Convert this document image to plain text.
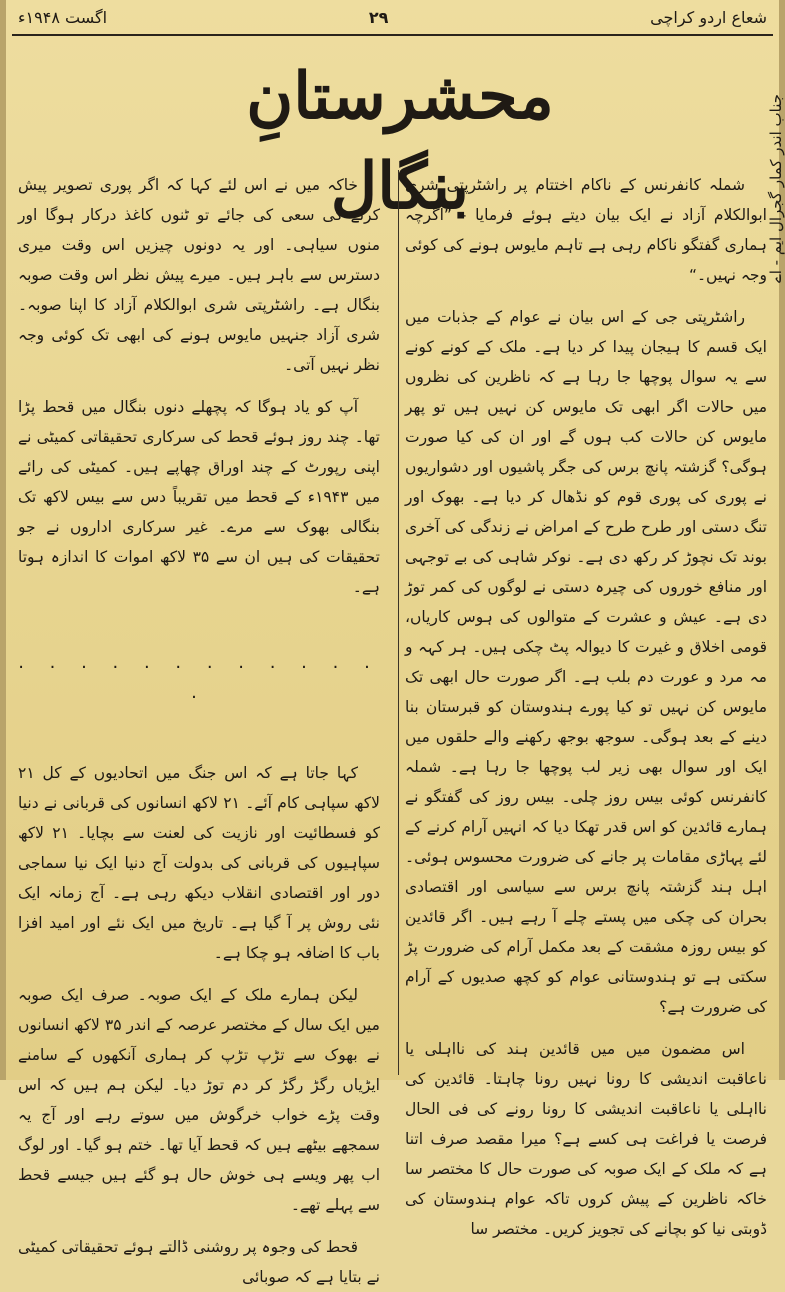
اگست ۱۹۴۸ء	۲۹	شعاع اردو کراچی
محشرستانِ بنگال	جناب اندر کمار گجرال ایم - اے

شملہ کانفرنس کے ناکام اختتام پر راشٹرپتی شری ابوالکلام آزاد نے ایک بیان دیتے ہوئے فرمایا - ”اگرچہ ہماری گفتگو ناکام رہی ہے تاہم مایوس ہونے کی کوئی وجہ نہیں۔“

راشٹرپتی جی کے اس بیان نے عوام کے جذبات میں ایک قسم کا ہیجان پیدا کر دیا ہے۔ ملک کے کونے کونے سے یہ سوال پوچھا جا رہا ہے کہ ناظرین کی نظروں میں حالات اگر ابھی تک مایوس کن نہیں ہیں تو پھر مایوس کن حالات کب ہوں گے اور ان کی کیا صورت ہوگی؟ گزشتہ پانچ برس کی جگر پاشیوں اور دشواریوں نے پوری کی پوری قوم کو نڈھال کر دیا ہے۔ بھوک اور تنگ دستی اور طرح طرح کے امراض نے زندگی کی آخری بوند تک نچوڑ کر رکھ دی ہے۔ نوکر شاہی کی بے توجہی اور منافع خوروں کی چیرہ دستی نے لوگوں کی کمر توڑ دی ہے۔ عیش و عشرت کے متوالوں کی ہوس کاریاں، قومی اخلاق و غیرت کا دیوالہ پٹ چکی ہیں۔ ہر کہہ و مہ مرد و عورت دم بلب ہے۔ اگر صورت حال ابھی تک مایوس کن نہیں تو کیا پورے ہندوستان کو قبرستان بنا دینے کے بعد ہوگی۔ سوجھ بوجھ رکھنے والے حلقوں میں ایک اور سوال بھی زیر لب پوچھا جا رہا ہے۔ شملہ کانفرنس کوئی بیس روز چلی۔ بیس روز کی گفتگو نے ہمارے قائدین کو اس قدر تھکا دیا کہ انہیں آرام کرنے کے لئے پہاڑی مقامات پر جانے کی ضرورت محسوس ہوئی۔ اہل ہند گزشتہ پانچ برس سے سیاسی اور اقتصادی بحران کی چکی میں پستے چلے آ رہے ہیں۔ اگر قائدین کو بیس روزہ مشقت کے بعد مکمل آرام کی ضرورت پڑ سکتی ہے تو ہندوستانی عوام کو کچھ صدیوں کے آرام کی ضرورت ہے؟

اس مضمون میں میں قائدین ہند کی نااہلی یا ناعاقبت اندیشی کا رونا نہیں رونا چاہتا۔ قائدین کی نااہلی یا ناعاقبت اندیشی کا رونا رونے کی فی الحال فرصت یا فراغت ہی کسے ہے؟ میرا مقصد صرف اتنا ہے کہ ملک کے ایک صوبہ کی صورت حال کا مختصر سا خاکہ ناظرین کے پیش کروں تاکہ عوام ہندوستان کی ڈوبتی نیا کو بچانے کی تجویز کریں۔ مختصر سا

خاکہ میں نے اس لئے کہا کہ اگر پوری تصویر پیش کرنے کی سعی کی جائے تو ٹنوں کاغذ درکار ہوگا اور منوں سیاہی۔ اور یہ دونوں چیزیں اس وقت میری دسترس سے باہر ہیں۔ میرے پیش نظر اس وقت صوبہ بنگال ہے۔ راشٹرپتی شری ابوالکلام آزاد کا اپنا صوبہ۔ شری آزاد جنہیں مایوس ہونے کی ابھی تک کوئی وجہ نظر نہیں آتی۔

آپ کو یاد ہوگا کہ پچھلے دنوں بنگال میں قحط پڑا تھا۔ چند روز ہوئے قحط کی سرکاری تحقیقاتی کمیٹی نے اپنی رپورٹ کے چند اوراق چھاپے ہیں۔ کمیٹی کی رائے میں ۱۹۴۳ء کے قحط میں تقریباً دس سے بیس لاکھ تک بنگالی بھوک سے مرے۔ غیر سرکاری اداروں نے جو تحقیقات کی ہیں ان سے ۳۵ لاکھ اموات کا اندازہ ہوتا ہے۔

. . . . . . . . . . . . .

کہا جاتا ہے کہ اس جنگ میں اتحادیوں کے کل ۲۱ لاکھ سپاہی کام آئے۔ ۲۱ لاکھ انسانوں کی قربانی نے دنیا کو فسطائیت اور نازیت کی لعنت سے بچایا۔ ۲۱ لاکھ سپاہیوں کی قربانی کی بدولت آج دنیا ایک نیا سماجی دور اور اقتصادی انقلاب دیکھ رہی ہے۔ آج زمانہ ایک نئی روش پر آ گیا ہے۔ تاریخ میں ایک نئے اور امید افزا باب کا اضافہ ہو چکا ہے۔

لیکن ہمارے ملک کے ایک صوبہ۔ صرف ایک صوبہ میں ایک سال کے مختصر عرصہ کے اندر ۳۵ لاکھ انسانوں نے بھوک سے تڑپ تڑپ کر ہماری آنکھوں کے سامنے ایڑیاں رگڑ رگڑ کر دم توڑ دیا۔ لیکن ہم ہیں کہ اس وقت پڑے خواب خرگوش میں سوتے رہے اور آج یہ سمجھے بیٹھے ہیں کہ قحط آیا تھا۔ ختم ہو گیا۔ اور لوگ اب پھر ویسے ہی خوش حال ہو گئے ہیں جیسے قحط سے پہلے تھے۔

قحط کی وجوہ پر روشنی ڈالتے ہوئے تحقیقاتی کمیٹی نے بتایا ہے کہ صوبائی
